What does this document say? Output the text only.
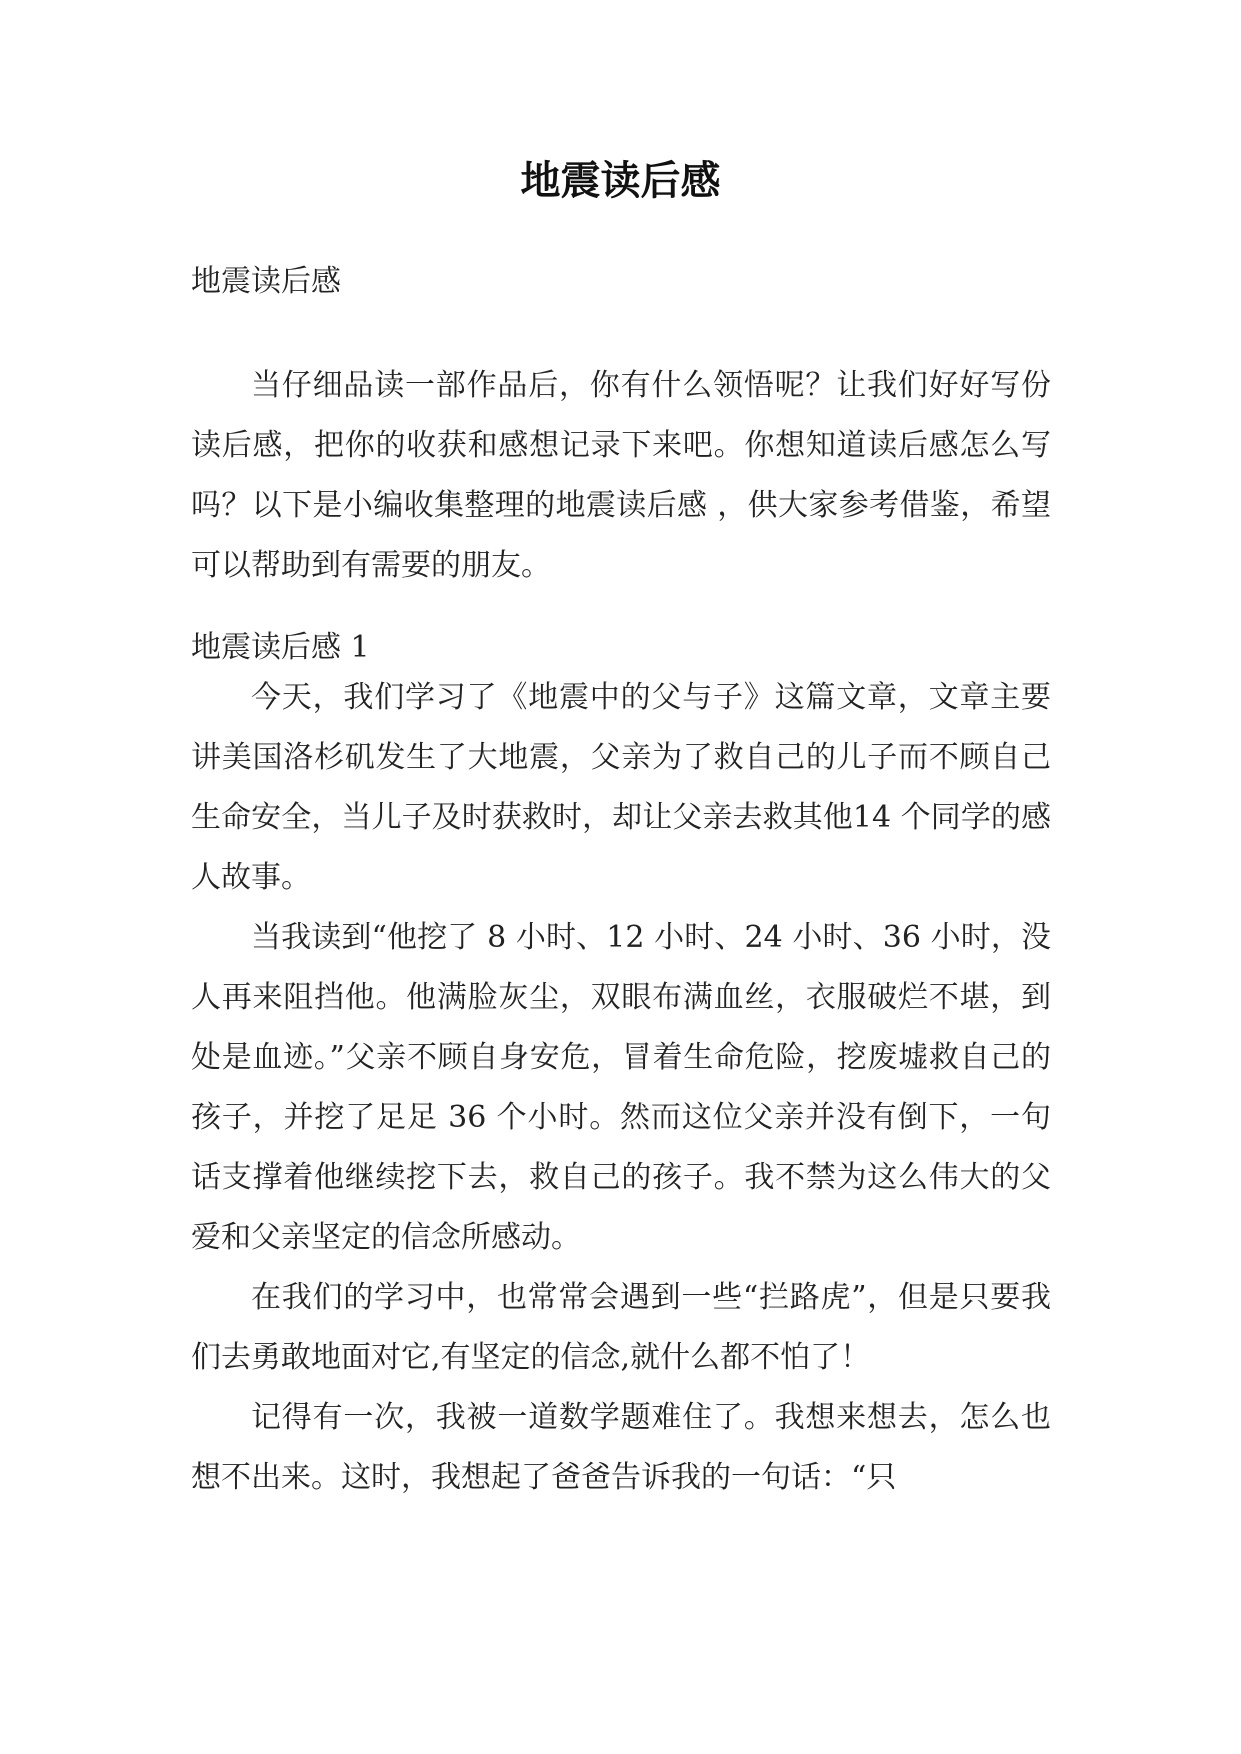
地震读后感
地震读后感

当仔细品读一部作品后，你有什么领悟呢？让我们好好写份读后感，把你的收获和感想记录下来吧。你想知道读后感怎么写吗？以下是小编收集整理的地震读后感 ，供大家参考借鉴，希望可以帮助到有需要的朋友。

地震读后感 1

今天，我们学习了《地震中的父与子》这篇文章，文章主要讲美国洛杉矶发生了大地震，父亲为了救自己的儿子而不顾自己生命安全，当儿子及时获救时，却让父亲去救其他14 个同学的感人故事。

当我读到“他挖了 8 小时、12 小时、24 小时、36 小时，没人再来阻挡他。他满脸灰尘，双眼布满血丝，衣服破烂不堪，到处是血迹。”父亲不顾自身安危，冒着生命危险，挖废墟救自己的孩子，并挖了足足 36 个小时。然而这位父亲并没有倒下，一句话支撑着他继续挖下去，救自己的孩子。我不禁为这么伟大的父爱和父亲坚定的信念所感动。

在我们的学习中，也常常会遇到一些“拦路虎”，但是只要我们去勇敢地面对它,有坚定的信念,就什么都不怕了！

记得有一次，我被一道数学题难住了。我想来想去，怎么也想不出来。这时，我想起了爸爸告诉我的一句话：“只
